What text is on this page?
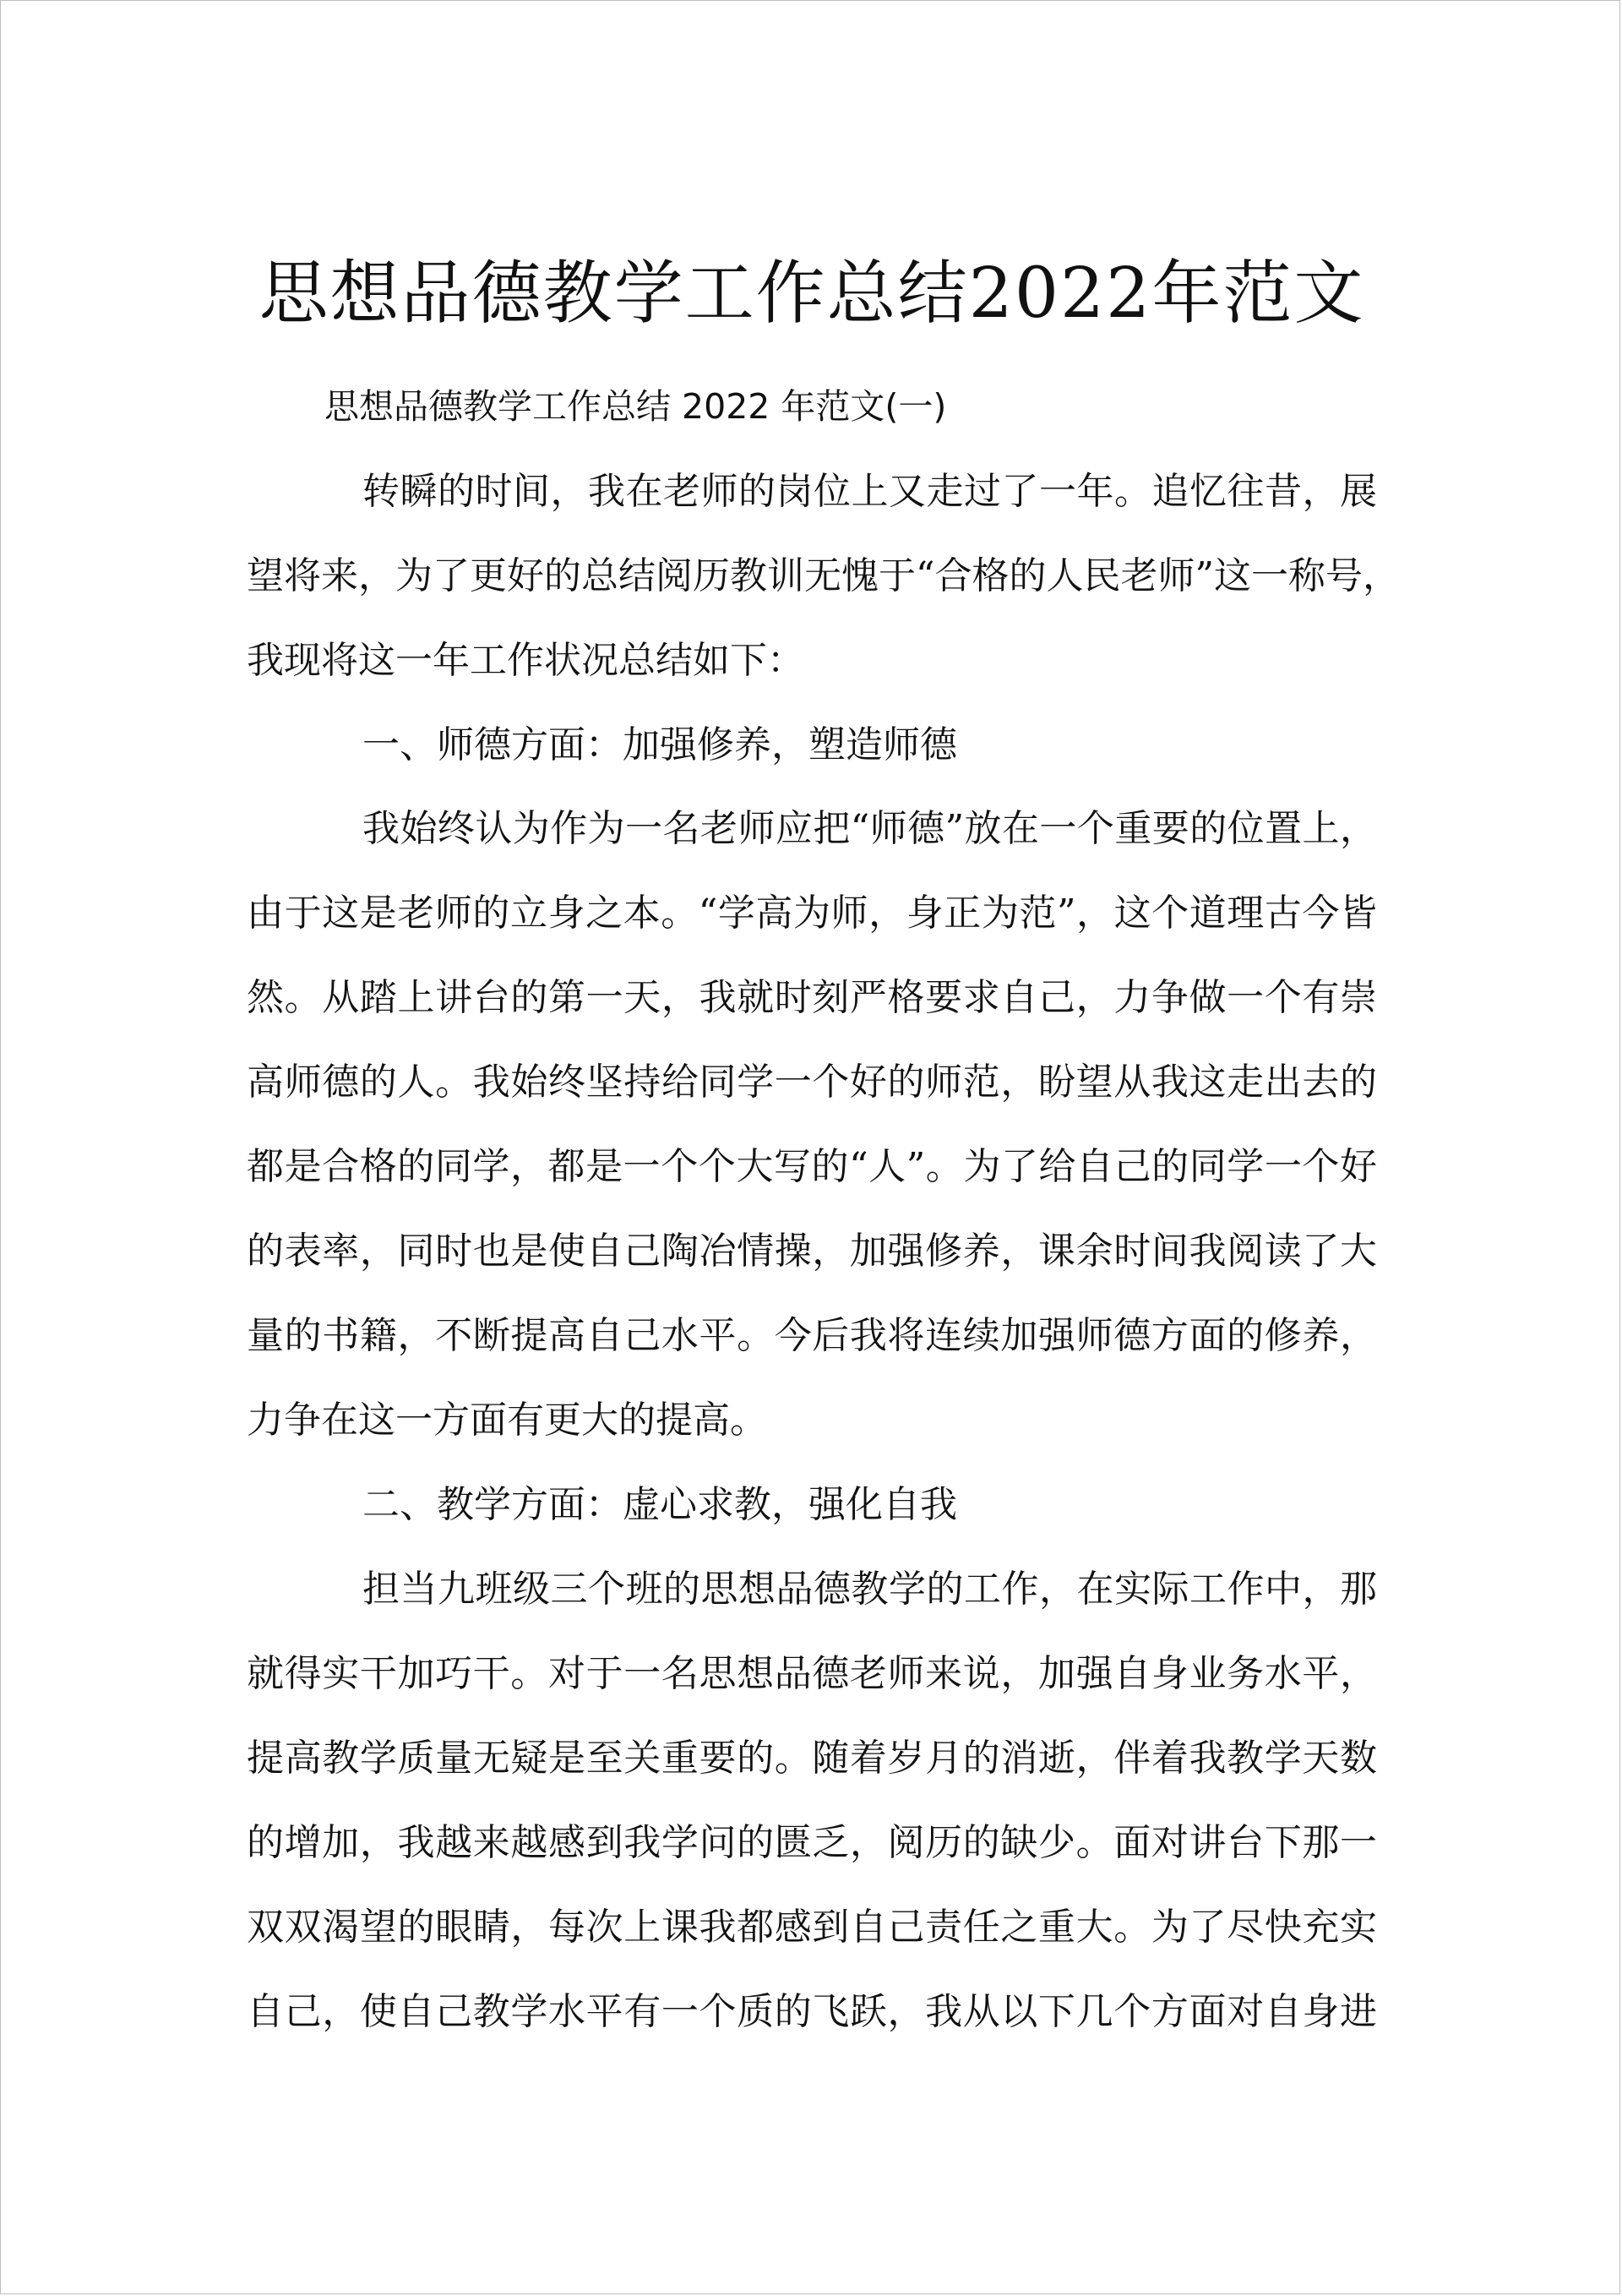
思想品德教学工作总结2022年范文
思想品德教学工作总结 2022 年范文(一)
转瞬的时间，我在老师的岗位上又走过了一年。追忆往昔，展
望将来，为了更好的总结阅历教训无愧于“合格的人民老师”这一称号，
我现将这一年工作状况总结如下：
一、师德方面：加强修养，塑造师德
我始终认为作为一名老师应把“师德”放在一个重要的位置上，
由于这是老师的立身之本。“学高为师，身正为范”，这个道理古今皆
然。从踏上讲台的第一天，我就时刻严格要求自己，力争做一个有崇
高师德的人。我始终坚持给同学一个好的师范，盼望从我这走出去的
都是合格的同学，都是一个个大写的“人”。为了给自己的同学一个好
的表率，同时也是使自己陶冶情操，加强修养，课余时间我阅读了大
量的书籍，不断提高自己水平。今后我将连续加强师德方面的修养，
力争在这一方面有更大的提高。
二、教学方面：虚心求教，强化自我
担当九班级三个班的思想品德教学的工作，在实际工作中，那
就得实干加巧干。对于一名思想品德老师来说，加强自身业务水平，
提高教学质量无疑是至关重要的。随着岁月的消逝，伴着我教学天数
的增加，我越来越感到我学问的匮乏，阅历的缺少。面对讲台下那一
双双渴望的眼睛，每次上课我都感到自己责任之重大。为了尽快充实
自己，使自己教学水平有一个质的飞跃，我从以下几个方面对自身进
